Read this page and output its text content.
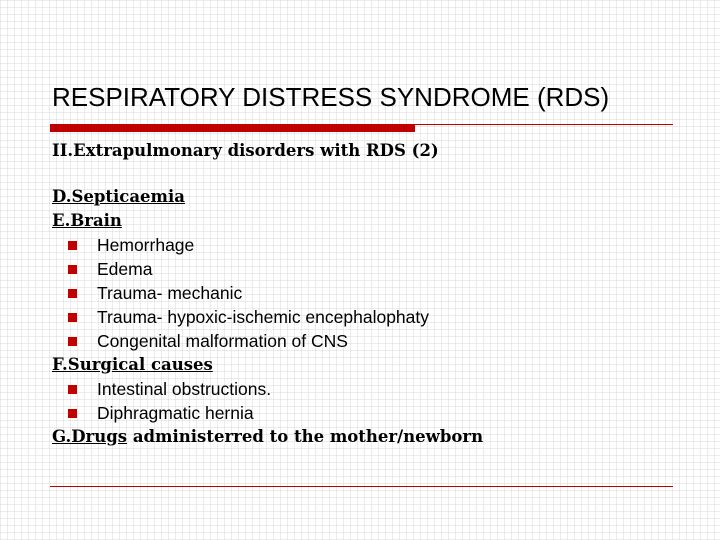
RESPIRATORY DISTRESS SYNDROME (RDS)
II.Extrapulmonary disorders with RDS (2)
D.Septicaemia
E.Brain
Hemorrhage
Edema
Trauma- mechanic
Trauma- hypoxic-ischemic encephalophaty
Congenital malformation of CNS
F.Surgical causes
Intestinal obstructions.
Diphragmatic hernia
G.Drugs administerred to the mother/newborn
